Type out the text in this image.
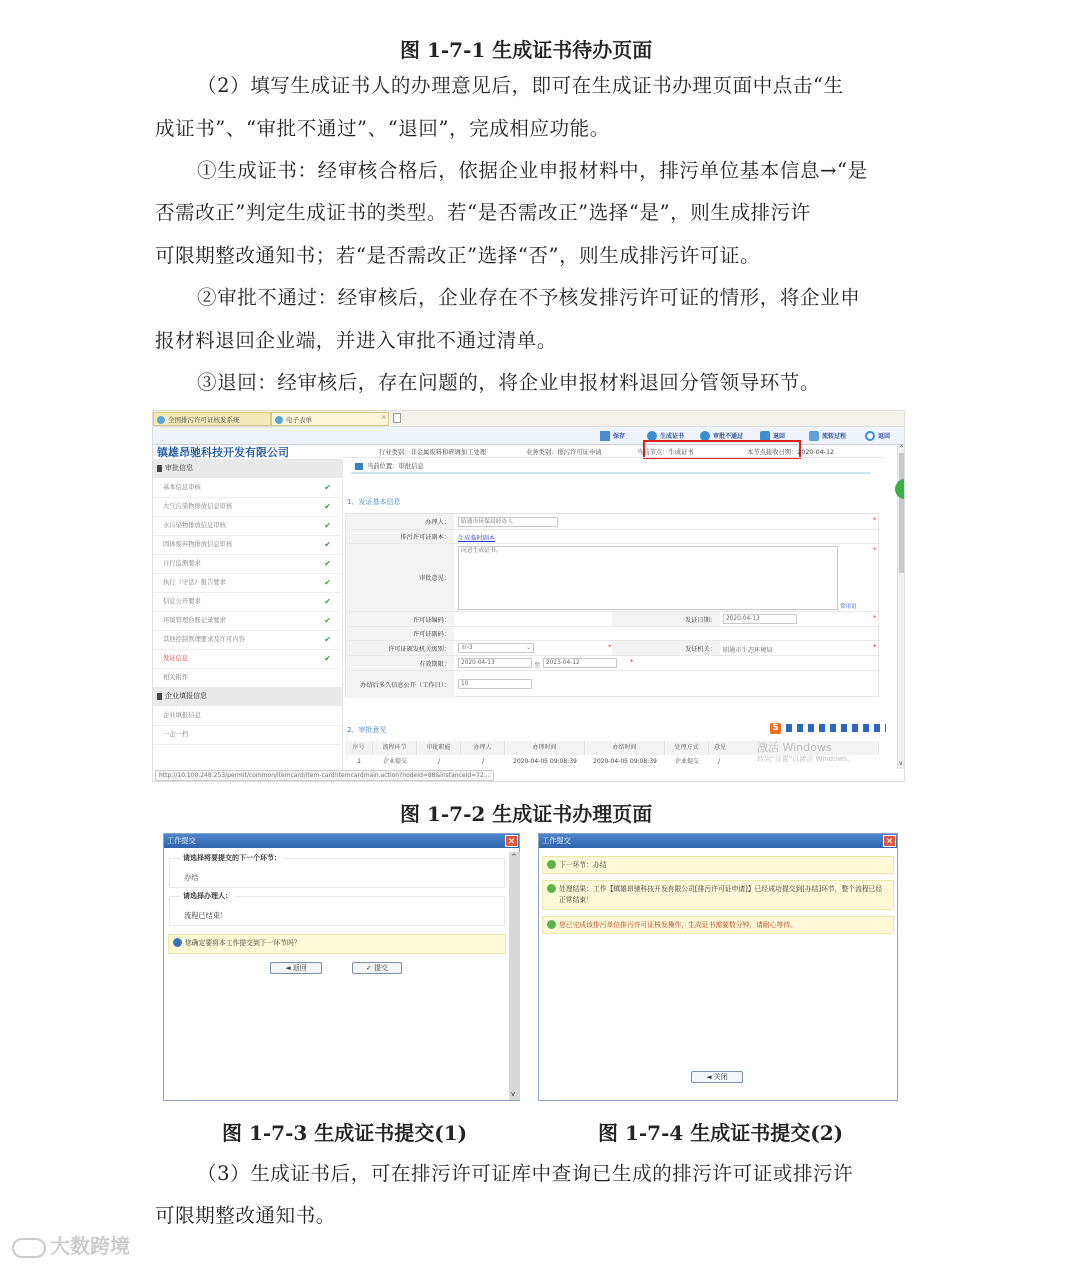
图 1-7-1 生成证书待办页面
（2）填写生成证书人的办理意见后，即可在生成证书办理页面中点击“生
成证书”、“审批不通过”、“退回”，完成相应功能。
①生成证书：经审核合格后，依据企业申报材料中，排污单位基本信息→“是
否需改正”判定生成证书的类型。若“是否需改正”选择“是”，则生成排污许
可限期整改通知书；若“是否需改正”选择“否”，则生成排污许可证。
②审批不通过：经审核后，企业存在不予核发排污许可证的情形，将企业申
报材料退回企业端，并进入审批不通过清单。
③退回：经审核后，存在问题的，将企业申报材料退回分管领导环节。
全国排污许可证核发系统	电子表单	×
保存	生成证书	审批不通过	退回	流转过程	返回
镇雄昂驰科技开发有限公司	行业类别：非金属废料和碎屑加工处理	业务类别：排污许可证申请	当前节点：生成证书	本节点接收日期：2020-04-12
审批信息
基本信息审核	✔
大气污染物排放信息审核	✔
水污染物排放信息审核	✔
固体废弃物排放信息审核	✔
自行监测要求	✔
执行（守法）报告要求	✔
信息公开要求	✔
环境管理台账记录要求	✔
其他控制管理要求及许可内容	✔
发证信息	✔
相关附件
企业填报信息
企业填报信息
一企一档
当前位置：审批信息
1、发证基本信息
办理人：	昭通市环保局经办人	*
排污许可证副本：	生成临时副本
审批意见：
同意生成证书。
常用语
*
许可证编码：	发证日期：	2020-04-13	*
许可证副码：
许可证颁发机关级别：	市-3	⌄	*	发证机关：	昭通市生态环境局	*
有效期限：	2020-04-13	至	2023-04-12	*
办结后多久信息公开（工作日）：	10
2、审批意见
序号	流程环节	审批职能	办理人	办理时间	办结时间	处理方式	意见
1	企业提交	/	/	2020-04-05 09:08:39	2020-04-05 09:08:39	企业提交	/
S
激活 Windows
转到“设置”以激活 Windows。
^
v
http://10.100.248.253/permit/common/itemcard/item-card!itemcardmain.action?nodeId=88&instanceId=72...
图 1-7-2 生成证书办理页面
工作提交	✕
请选择将要提交的下一个环节：
办结
请选择办理人：
流程已结束！
您确定要将本工作提交到下一环节吗？
◄ 返回	✓ 提交
^
v
工作提交	✕
下一环节：办结
处理结果：工作【镇雄昂驰科技开发有限公司[排污许可证申请]】已经成功提交到[办结]环节，整个流程已经正常结束！
您已完成该排污单位排污许可证核发操作，生成证书需要数分钟，请耐心等待。
◄ 关闭
图 1-7-3 生成证书提交(1)	图 1-7-4 生成证书提交(2)
（3）生成证书后，可在排污许可证库中查询已生成的排污许可证或排污许
可限期整改通知书。
大数跨境
